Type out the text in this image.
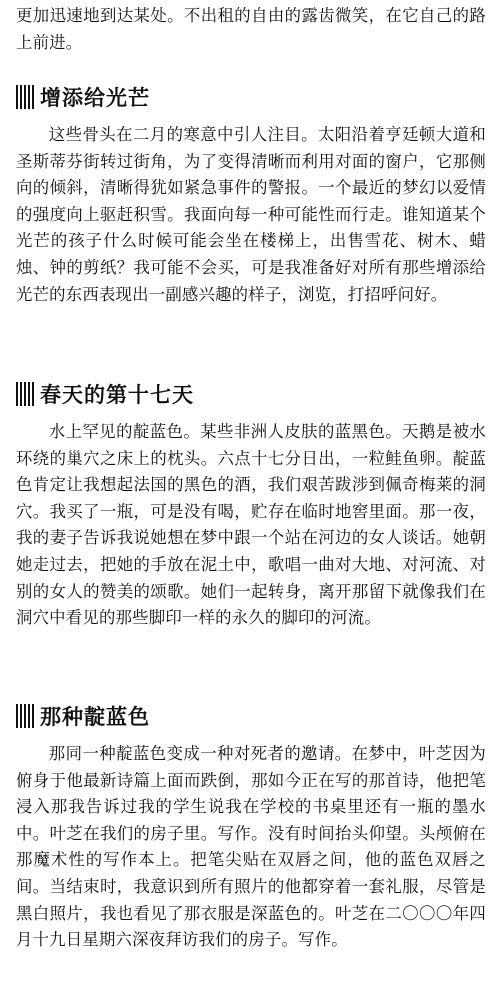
更加迅速地到达某处。不出租的自由的露齿微笑，在它自己的路上前进。

增添给光芒

这些骨头在二月的寒意中引人注目。太阳沿着亨廷顿大道和圣斯蒂芬街转过街角，为了变得清晰而利用对面的窗户，它那侧向的倾斜，清晰得犹如紧急事件的警报。一个最近的梦幻以爱情的强度向上驱赶积雪。我面向每一种可能性而行走。谁知道某个光芒的孩子什么时候可能会坐在楼梯上，出售雪花、树木、蜡烛、钟的剪纸？我可能不会买，可是我准备好对所有那些增添给光芒的东西表现出一副感兴趣的样子，浏览，打招呼问好。

春天的第十七天

水上罕见的靛蓝色。某些非洲人皮肤的蓝黑色。天鹅是被水环绕的巢穴之床上的枕头。六点十七分日出，一粒鲑鱼卵。靛蓝色肯定让我想起法国的黑色的酒，我们艰苦跋涉到佩奇梅莱的洞穴。我买了一瓶，可是没有喝，贮存在临时地窖里面。那一夜，我的妻子告诉我说她想在梦中跟一个站在河边的女人谈话。她朝她走过去，把她的手放在泥土中，歌唱一曲对大地、对河流、对别的女人的赞美的颂歌。她们一起转身，离开那留下就像我们在洞穴中看见的那些脚印一样的永久的脚印的河流。

那种靛蓝色

那同一种靛蓝色变成一种对死者的邀请。在梦中，叶芝因为俯身于他最新诗篇上面而跌倒，那如今正在写的那首诗，他把笔浸入那我告诉过我的学生说我在学校的书桌里还有一瓶的墨水中。叶芝在我们的房子里。写作。没有时间抬头仰望。头颅俯在那魔术性的写作本上。把笔尖贴在双唇之间，他的蓝色双唇之间。当结束时，我意识到所有照片的他都穿着一套礼服，尽管是黑白照片，我也看见了那衣服是深蓝色的。叶芝在二〇〇〇年四月十九日星期六深夜拜访我们的房子。写作。
